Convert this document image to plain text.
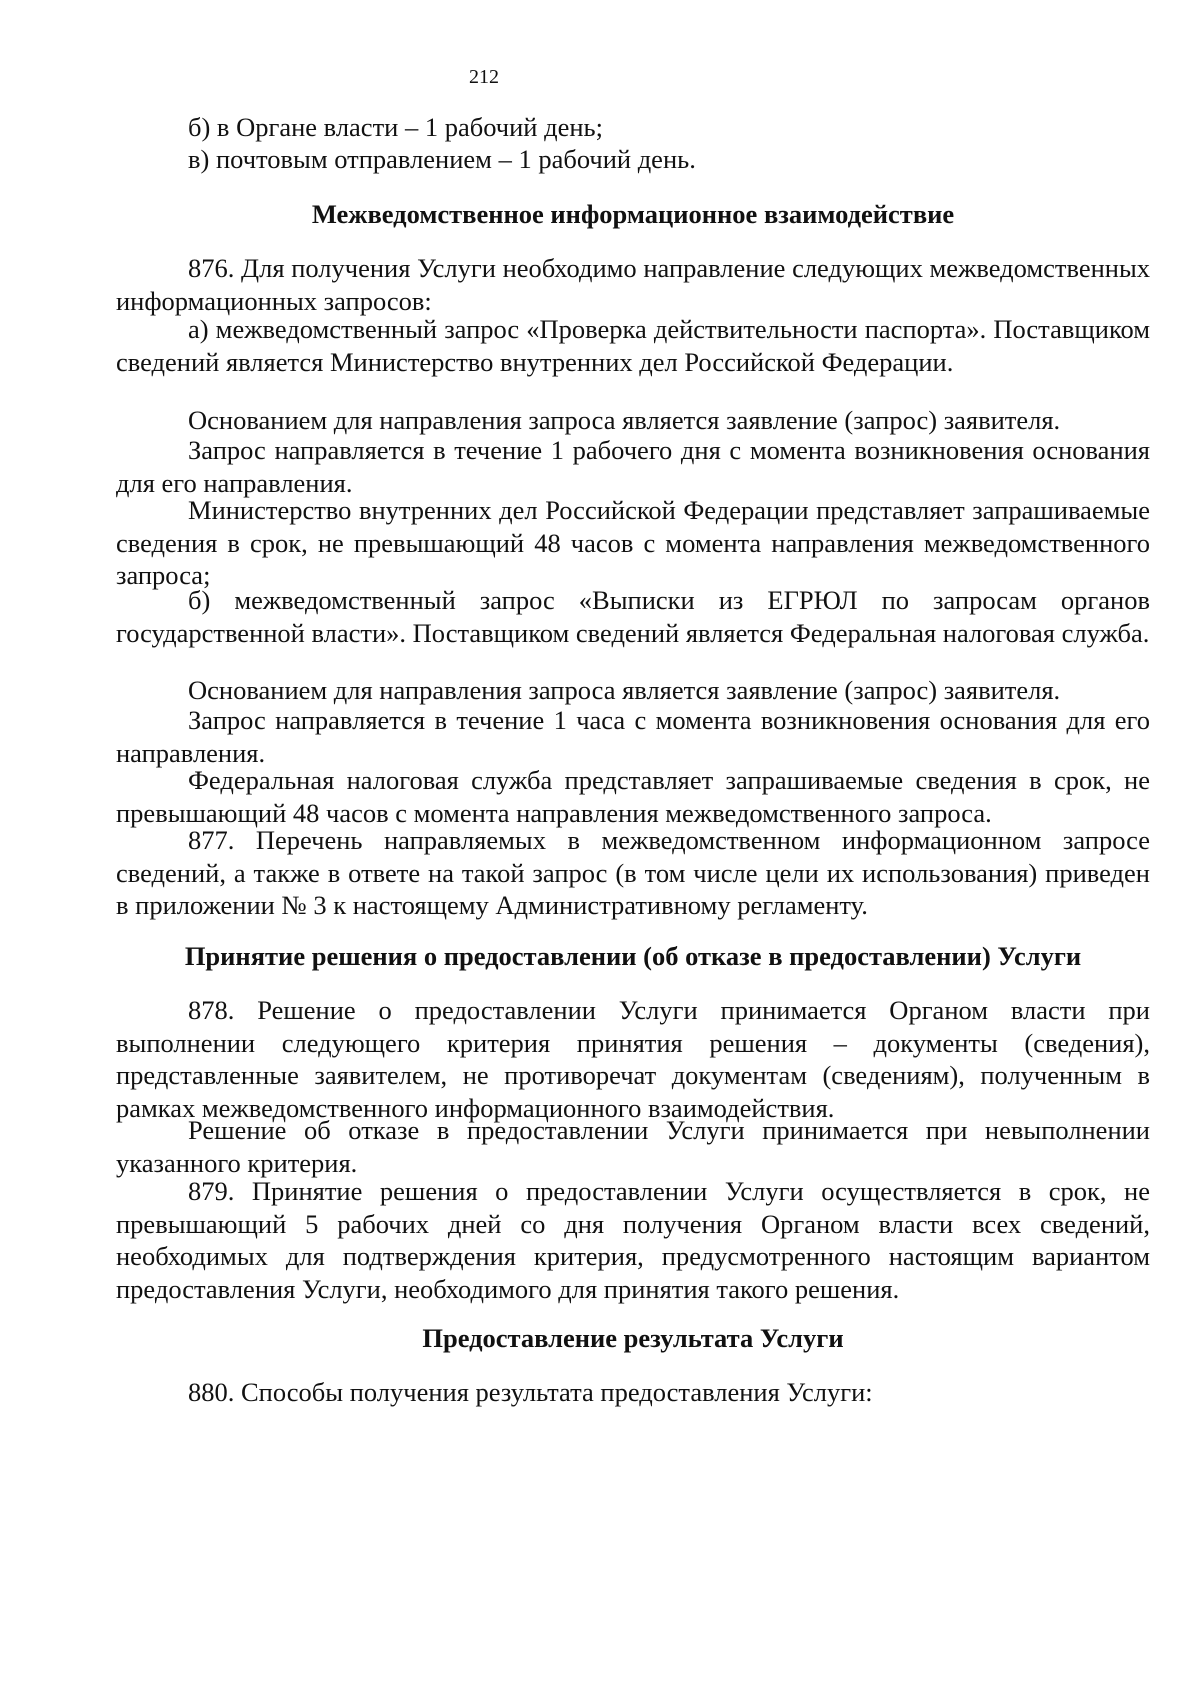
212
б) в Органе власти – 1 рабочий день;
в) почтовым отправлением – 1 рабочий день.
Межведомственное информационное взаимодействие
876. Для получения Услуги необходимо направление следующих межведомственных информационных запросов:
а) межведомственный запрос «Проверка действительности паспорта». Поставщиком сведений является Министерство внутренних дел Российской Федерации.
Основанием для направления запроса является заявление (запрос) заявителя.
Запрос направляется в течение 1 рабочего дня с момента возникновения основания для его направления.
Министерство внутренних дел Российской Федерации представляет запрашиваемые сведения в срок, не превышающий 48 часов с момента направления межведомственного запроса;
б) межведомственный запрос «Выписки из ЕГРЮЛ по запросам органов государственной власти». Поставщиком сведений является Федеральная налоговая служба.
Основанием для направления запроса является заявление (запрос) заявителя.
Запрос направляется в течение 1 часа с момента возникновения основания для его направления.
Федеральная налоговая служба представляет запрашиваемые сведения в срок, не превышающий 48 часов с момента направления межведомственного запроса.
877. Перечень направляемых в межведомственном информационном запросе сведений, а также в ответе на такой запрос (в том числе цели их использования) приведен в приложении № 3 к настоящему Административному регламенту.
Принятие решения о предоставлении (об отказе в предоставлении) Услуги
878. Решение о предоставлении Услуги принимается Органом власти при выполнении следующего критерия принятия решения – документы (сведения), представленные заявителем, не противоречат документам (сведениям), полученным в рамках межведомственного информационного взаимодействия.
Решение об отказе в предоставлении Услуги принимается при невыполнении указанного критерия.
879. Принятие решения о предоставлении Услуги осуществляется в срок, не превышающий 5 рабочих дней со дня получения Органом власти всех сведений, необходимых для подтверждения критерия, предусмотренного настоящим вариантом предоставления Услуги, необходимого для принятия такого решения.
Предоставление результата Услуги
880. Способы получения результата предоставления Услуги:
